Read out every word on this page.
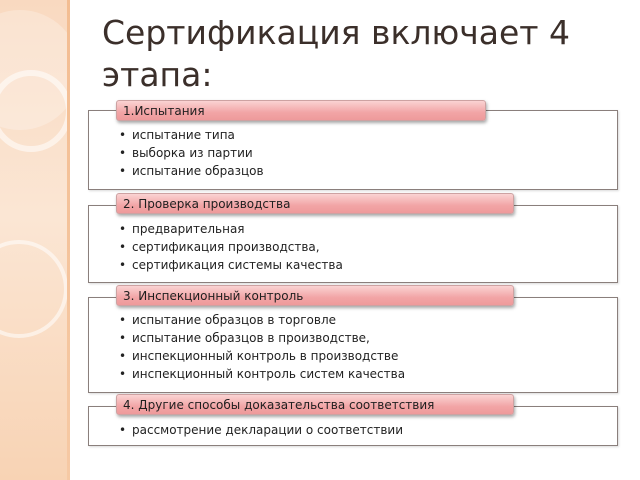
Сертификация включает 4 этапа:
1.Испытания
• испытание типа
• выборка из партии
• испытание образцов
2. Проверка производства
• предварительная
• сертификация производства,
• сертификация системы качества
3. Инспекционный контроль
• испытание образцов в торговле
• испытание образцов в производстве,
• инспекционный контроль в производстве
• инспекционный контроль систем качества
4. Другие способы доказательства соответствия
• рассмотрение декларации о соответствии
